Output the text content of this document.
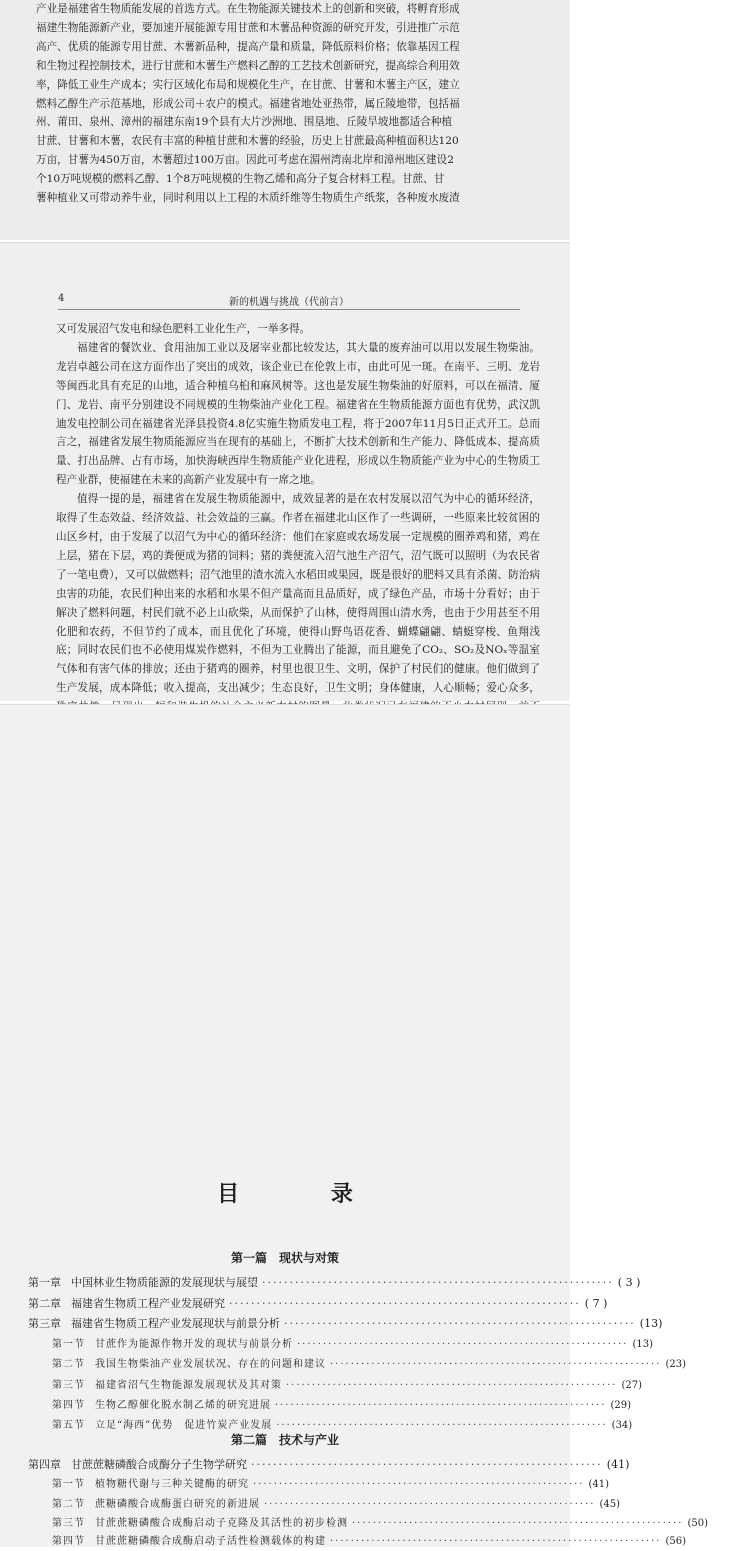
产业是福建省生物质能发展的首选方式。在生物能源关键技术上的创新和突破，将孵育形成

福建生物能源新产业，要加速开展能源专用甘蔗和木薯品种资源的研究开发，引进推广示范

高产、优质的能源专用甘蔗、木薯新品种，提高产量和质量，降低原料价格；依靠基因工程

和生物过程控制技术，进行甘蔗和木薯生产燃料乙醇的工艺技术创新研究，提高综合利用效

率，降低工业生产成本；实行区域化布局和规模化生产，在甘蔗、甘薯和木薯主产区，建立

燃料乙醇生产示范基地，形成公司＋农户的模式。福建省地处亚热带，属丘陵地带，包括福

州、莆田、泉州、漳州的福建东南19个县有大片沙洲地、围垦地、丘陵旱坡地都适合种植

甘蔗、甘薯和木薯，农民有丰富的种植甘蔗和木薯的经验，历史上甘蔗最高种植面积达120

万亩，甘薯为450万亩，木薯超过100万亩。因此可考虑在湄州湾南北岸和漳州地区建设2

个10万吨规模的燃料乙醇、1个8万吨规模的生物乙烯和高分子复合材料工程。甘蔗、甘

薯种植业又可带动养牛业，同时利用以上工程的木质纤维等生物质生产纸浆，各种废水废渣

4	新的机遇与挑战（代前言）

又可发展沼气发电和绿色肥料工业化生产，一举多得。

福建省的餐饮业、食用油加工业以及屠宰业都比较发达，其大量的废弃油可以用以发展生物柴油。龙岩卓越公司在这方面作出了突出的成效，该企业已在伦敦上市，由此可见一斑。在南平、三明、龙岩等闽西北具有充足的山地，适合种植乌桕和麻风树等。这也是发展生物柴油的好原料，可以在福清、厦门、龙岩、南平分别建设不同规模的生物柴油产业化工程。福建省在生物质能源方面也有优势，武汉凯迪发电控制公司在福建省光泽县投资4.8亿实施生物质发电工程，将于2007年11月5日正式开工。总而言之，福建省发展生物质能源应当在现有的基础上，不断扩大技术创新和生产能力、降低成本、提高质量、打出品牌、占有市场，加快海峡西岸生物质能产业化进程，形成以生物质能产业为中心的生物质工程产业群，使福建在未来的高新产业发展中有一席之地。

值得一提的是，福建省在发展生物质能源中，成效显著的是在农村发展以沼气为中心的循环经济，取得了生态效益、经济效益、社会效益的三赢。作者在福建北山区作了一些调研，一些原来比较贫困的山区乡村，由于发展了以沼气为中心的循环经济：他们在家庭或农场发展一定规模的圈养鸡和猪，鸡在上层，猪在下层，鸡的粪便成为猪的饲料；猪的粪便流入沼气池生产沼气，沼气既可以照明（为农民省了一笔电费），又可以做燃料；沼气池里的渣水流入水稻田或果园，既是很好的肥料又具有杀菌、防治病虫害的功能，农民们种出来的水稻和水果不但产量高而且品质好，成了绿色产品，市场十分看好；由于解决了燃料问题，村民们就不必上山砍柴，从而保护了山林，使得周围山清水秀，也由于少用甚至不用化肥和农药，不但节约了成本，而且优化了环境，使得山野鸟语花香、蝴蝶翩翩、蜻蜓穿梭、鱼翔浅底；同时农民们也不必使用煤炭作燃料，不但为工业腾出了能源，而且避免了CO₂、SO₂及NOₓ等温室气体和有害气体的排放；还由于猪鸡的圈养，村里也很卫生、文明，保护了村民们的健康。他们做到了生产发展，成本降低；收入提高，支出减少；生态良好，卫生文明；身体健康，人心顺畅；爱心众多，

目 录
第一篇　现状与对策
第一章 中国林业生物质能源的发展现状与展望 ································································ ( 3 )
第二章 福建省生物质工程产业发展研究 ································································ ( 7 )
第三章 福建省生物质工程产业发展现状与前景分析 ································································ (13)
第一节 甘蔗作为能源作物开发的现状与前景分析 ································································ (13)
第二节 我国生物柴油产业发展状况、存在的问题和建议 ································································ (23)
第三节 福建省沼气生物能源发展现状及其对策 ································································ (27)
第四节 生物乙醇催化脱水制乙烯的研究进展 ································································ (29)
第五节 立足“海西”优势　促进竹炭产业发展 ································································ (34)
第二篇　技术与产业
第四章 甘蔗蔗糖磷酸合成酶分子生物学研究 ································································ (41)
第一节 植物糖代谢与三种关键酶的研究 ································································ (41)
第二节 蔗糖磷酸合成酶蛋白研究的新进展 ································································ (45)
第三节 甘蔗蔗糖磷酸合成酶启动子克隆及其活性的初步检测 ································································ (50)
第四节 甘蔗蔗糖磷酸合成酶启动子活性检测载体的构建 ································································ (56)
